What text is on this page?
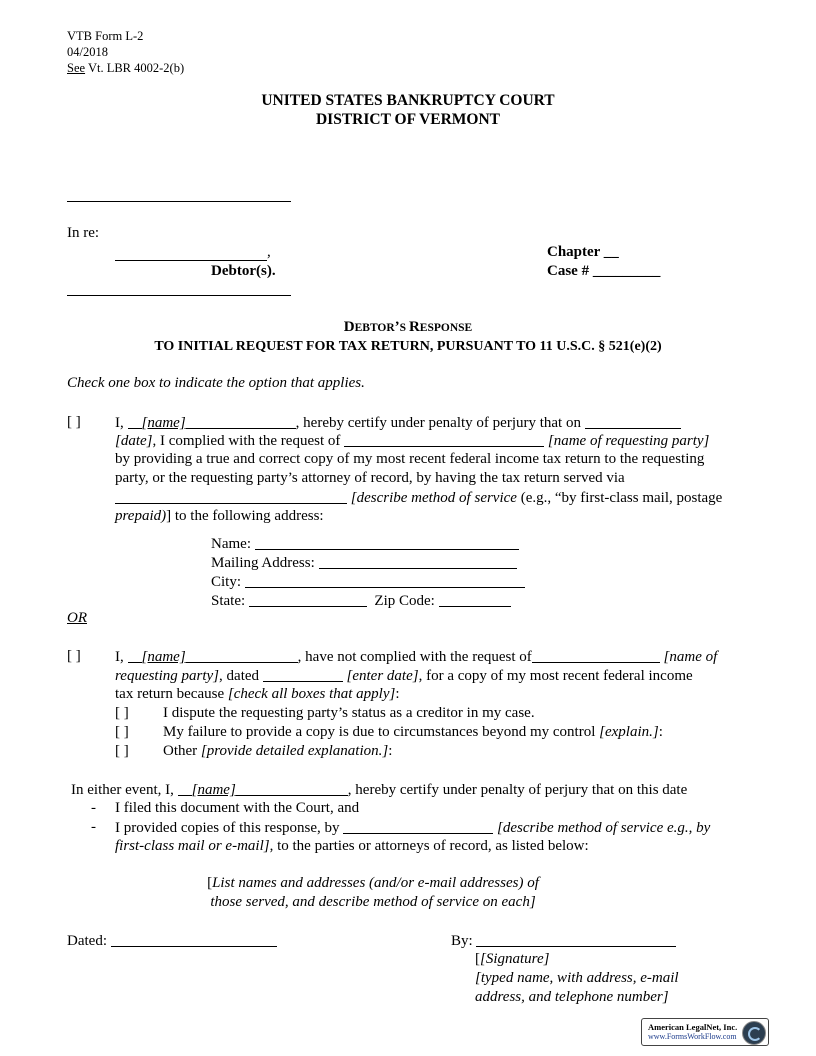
VTB Form L-2
04/2018
See Vt. LBR 4002-2(b)
UNITED STATES BANKRUPTCY COURT
DISTRICT OF VERMONT
In re:
,
Debtor(s).
Chapter __
Case # _________
DEBTOR’S RESPONSE
TO INITIAL REQUEST FOR TAX RETURN, PURSUANT TO 11 U.S.C. § 521(e)(2)
Check one box to indicate the option that applies.
[ ] I, [name]	, hereby certify under penalty of perjury that on
[date], I complied with the request of	[name of requesting party]
by providing a true and correct copy of my most recent federal income tax return to the requesting
party, or the requesting party’s attorney of record, by having the tax return served via
[describe method of service (e.g., “by first-class mail, postage
prepaid)] to the following address:
Name:
Mailing Address:
City:
State:	Zip Code:
OR
[ ] I, [name]	, have not complied with the request of	[name of
requesting party], dated	[enter date], for a copy of my most recent federal income
tax return because [check all boxes that apply]:
[ ] I dispute the requesting party’s status as a creditor in my case.
[ ] My failure to provide a copy is due to circumstances beyond my control [explain.]:
[ ] Other [provide detailed explanation.]:
In either event, I, [name]	, hereby certify under penalty of perjury that on this date
- I filed this document with the Court, and
- I provided copies of this response, by	[describe method of service e.g., by
first-class mail or e-mail], to the parties or attorneys of record, as listed below:
[List names and addresses (and/or e-mail addresses) of
those served, and describe method of service on each]
Dated:	By:
[[Signature]
[typed name, with address, e-mail
address, and telephone number]
American LegalNet, Inc.
www.FormsWorkFlow.com
